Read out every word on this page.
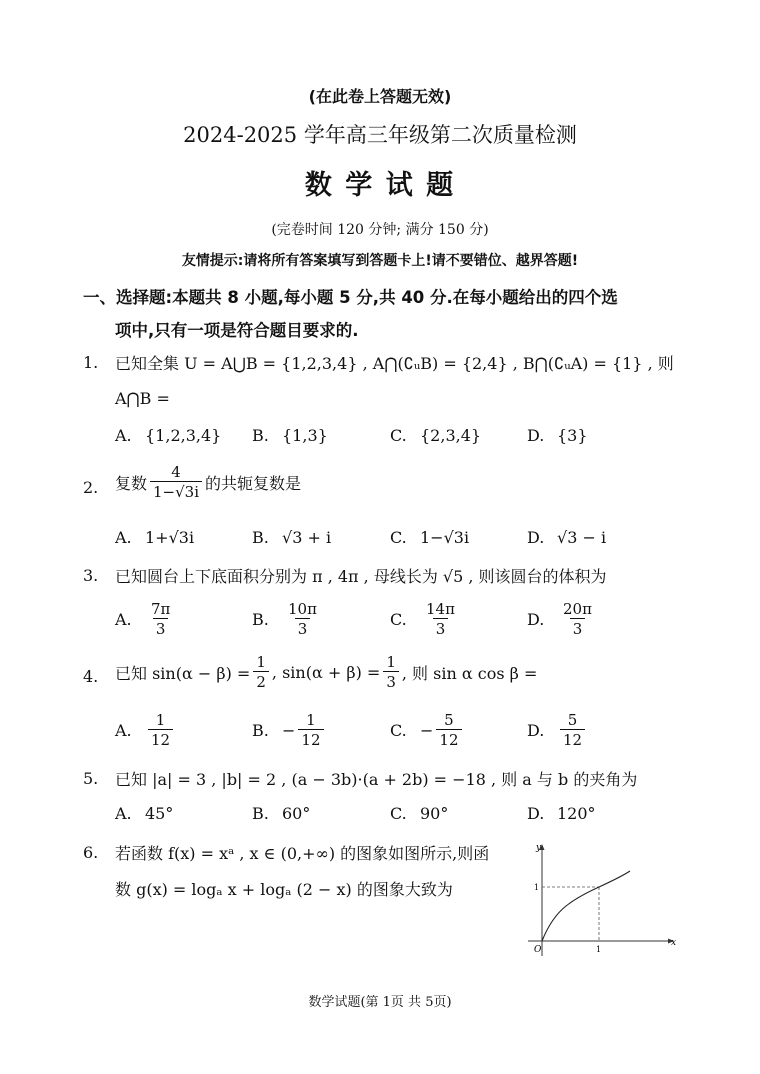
(在此卷上答题无效)
2024-2025 学年高三年级第二次质量检测
数 学 试 题
(完卷时间 120 分钟; 满分 150 分)
友情提示:请将所有答案填写到答题卡上!请不要错位、越界答题!
一、选择题:本题共 8 小题,每小题 5 分,共 40 分.在每小题给出的四个选
项中,只有一项是符合题目要求的.
1. 已知全集 U = A⋃B = {1,2,3,4} , A⋂(∁ᵤB) = {2,4} , B⋂(∁ᵤA) = {1} , 则
A⋂B =
A. {1,2,3,4} B. {1,3}	C. {2,3,4}	D. {3}
2. 复数 $\frac{4}{1-√3i}$ 的共轭复数是
A. 1+√3i	B. √3 + i	C. 1−√3i	D. √3 − i
3. 已知圆台上下底面积分别为 π , 4π , 母线长为 √5 , 则该圆台的体积为
A.	$\frac{7\pi}{3}$	B.	$\frac{10\pi}{3}$	C.	$\frac{14\pi}{3}$	D.	$\frac{20\pi}{3}$
4. 已知 $\sin(\alpha - \beta) = \frac{1}{2}$ , $\sin(\alpha + \beta) = \frac{1}{3}$ , 则 sin α cos β =
A.	$\frac{1}{12}$	B. − $\frac{1}{12}$	C. − $\frac{5}{12}$	D.	$\frac{5}{12}$
5. 已知 |a| = 3 , |b| = 2 , (a − 3b)·(a + 2b) = −18 , 则 a 与 b 的夹角为
A. 45°	B. 60°	C. 90°	D. 120°
6. 若函数 f(x) = xᵃ , x ∈ (0,+∞) 的图象如图所示,则函
数 g(x) = logₐ x + logₐ (2 − x) 的图象大致为
x
y
O	1
1
数学试题(第 1页 共 5页)
